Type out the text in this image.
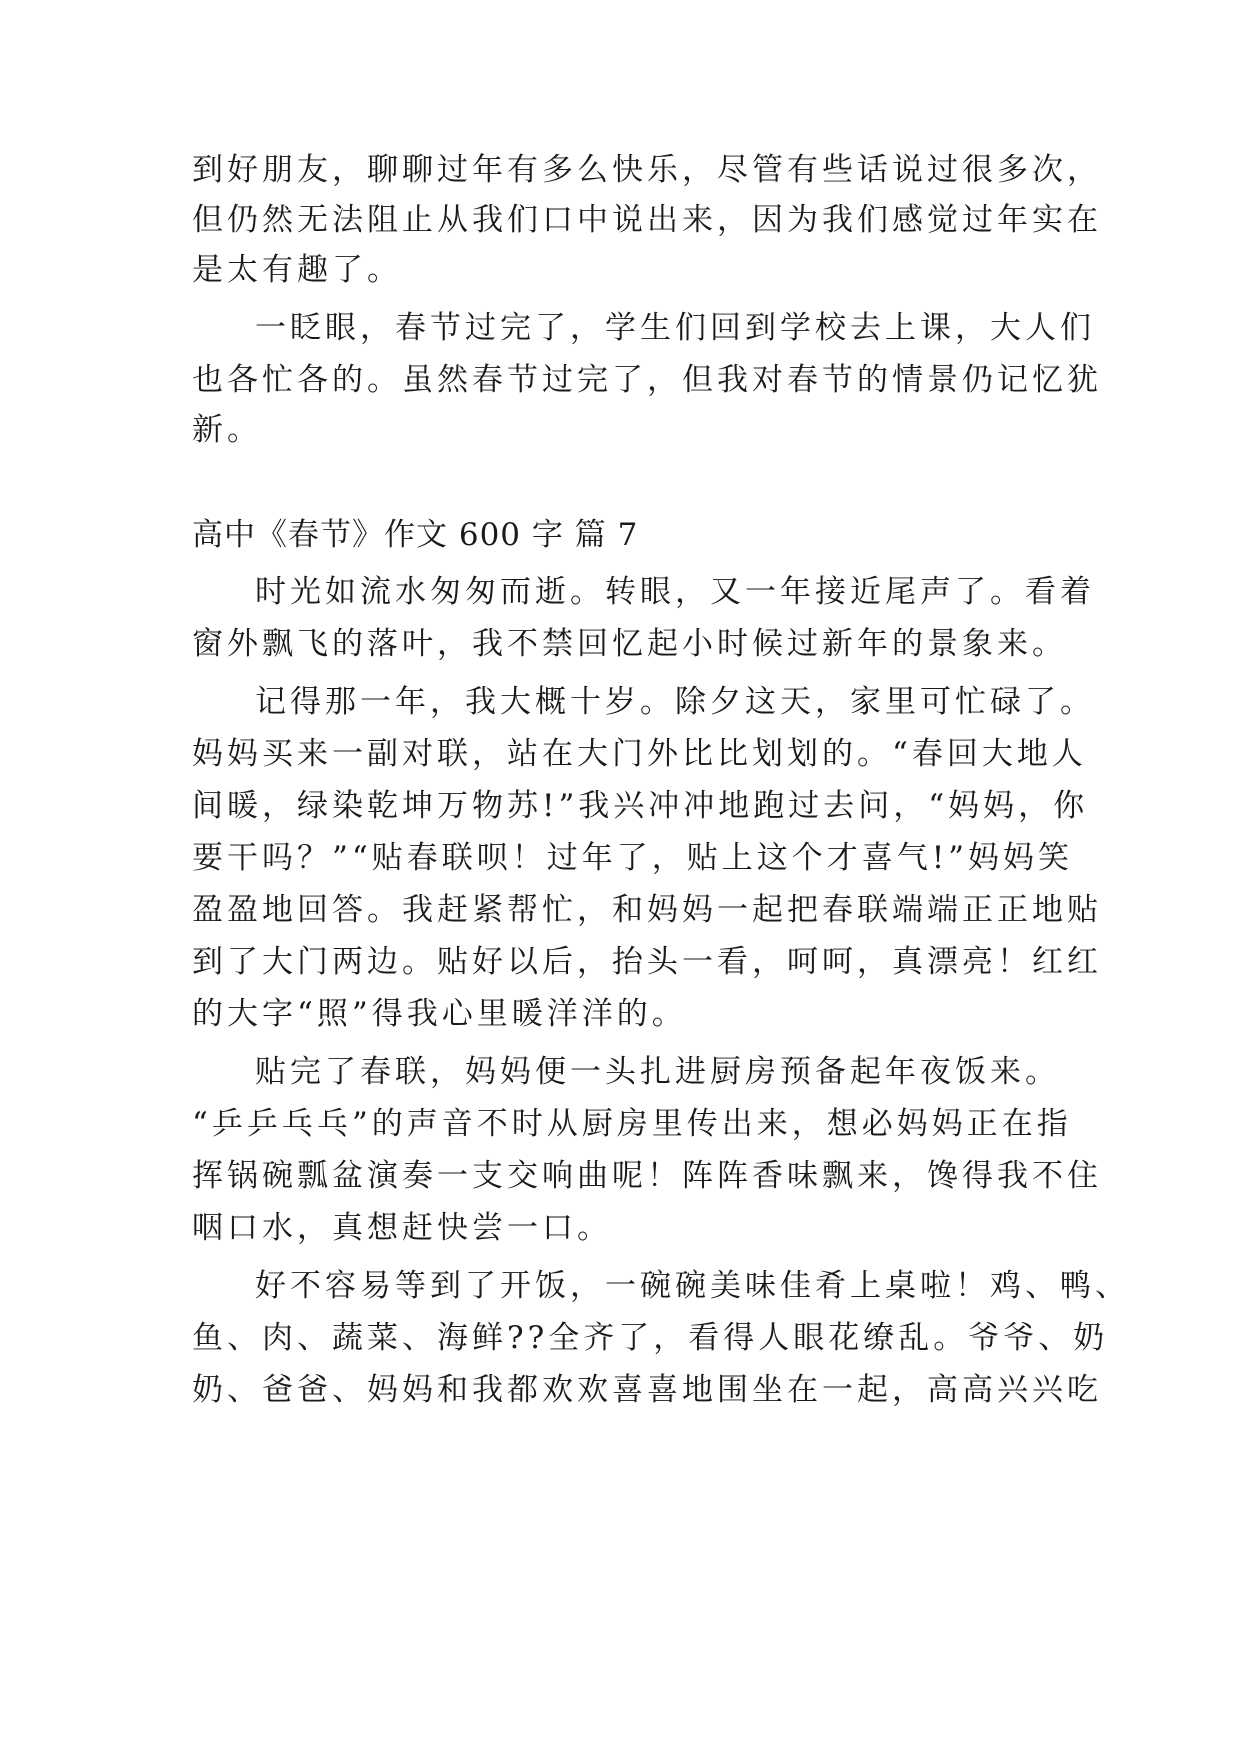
到好朋友，聊聊过年有多么快乐，尽管有些话说过很多次，
但仍然无法阻止从我们口中说出来，因为我们感觉过年实在
是太有趣了。
一眨眼，春节过完了，学生们回到学校去上课，大人们
也各忙各的。虽然春节过完了，但我对春节的情景仍记忆犹
新。
高中《春节》作文 600 字 篇 7
时光如流水匆匆而逝。转眼，又一年接近尾声了。看着
窗外飘飞的落叶，我不禁回忆起小时候过新年的景象来。
记得那一年，我大概十岁。除夕这天，家里可忙碌了。
妈妈买来一副对联，站在大门外比比划划的。“春回大地人
间暖，绿染乾坤万物苏!”我兴冲冲地跑过去问，“妈妈，你
要干吗？”“贴春联呗！过年了，贴上这个才喜气!”妈妈笑
盈盈地回答。我赶紧帮忙，和妈妈一起把春联端端正正地贴
到了大门两边。贴好以后，抬头一看，呵呵，真漂亮！红红
的大字“照”得我心里暖洋洋的。
贴完了春联，妈妈便一头扎进厨房预备起年夜饭来。
“乒乒乓乓”的声音不时从厨房里传出来，想必妈妈正在指
挥锅碗瓢盆演奏一支交响曲呢！阵阵香味飘来，馋得我不住
咽口水，真想赶快尝一口。
好不容易等到了开饭，一碗碗美味佳肴上桌啦！鸡、鸭、
鱼、肉、蔬菜、海鲜??全齐了，看得人眼花缭乱。爷爷、奶
奶、爸爸、妈妈和我都欢欢喜喜地围坐在一起，高高兴兴吃
